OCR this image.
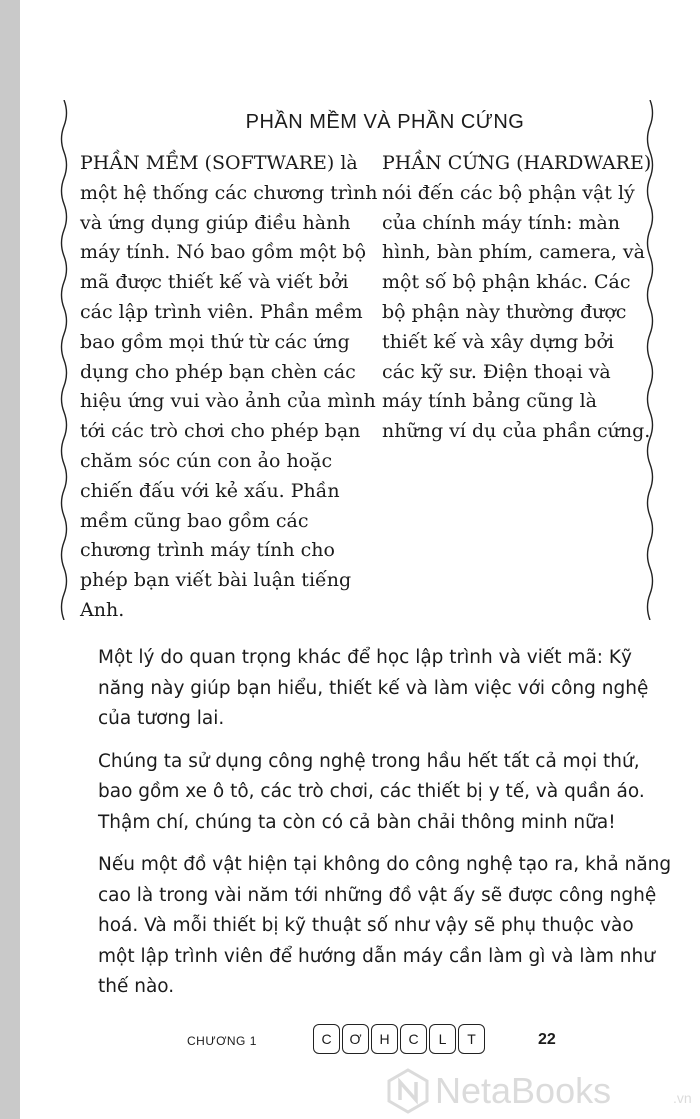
PHẦN MỀM VÀ PHẦN CỨNG
PHẦN MỀM (SOFTWARE) là một hệ thống các chương trình và ứng dụng giúp điều hành máy tính. Nó bao gồm một bộ mã được thiết kế và viết bởi các lập trình viên. Phần mềm bao gồm mọi thứ từ các ứng dụng cho phép bạn chèn các hiệu ứng vui vào ảnh của mình tới các trò chơi cho phép bạn chăm sóc cún con ảo hoặc chiến đấu với kẻ xấu. Phần mềm cũng bao gồm các chương trình máy tính cho phép bạn viết bài luận tiếng Anh.
PHẦN CỨNG (HARDWARE) nói đến các bộ phận vật lý của chính máy tính: màn hình, bàn phím, camera, và một số bộ phận khác. Các bộ phận này thường được thiết kế và xây dựng bởi các kỹ sư. Điện thoại và máy tính bảng cũng là những ví dụ của phần cứng.

Một lý do quan trọng khác để học lập trình và viết mã: Kỹ năng này giúp bạn hiểu, thiết kế và làm việc với công nghệ của tương lai.

Chúng ta sử dụng công nghệ trong hầu hết tất cả mọi thứ, bao gồm xe ô tô, các trò chơi, các thiết bị y tế, và quần áo. Thậm chí, chúng ta còn có cả bàn chải thông minh nữa!

Nếu một đồ vật hiện tại không do công nghệ tạo ra, khả năng cao là trong vài năm tới những đồ vật ấy sẽ được công nghệ hoá. Và mỗi thiết bị kỹ thuật số như vậy sẽ phụ thuộc vào một lập trình viên để hướng dẫn máy cần làm gì và làm như thế nào.

CHƯƠNG 1	C	Ơ	H	C	L	T	22
NetaBooks	.vn
